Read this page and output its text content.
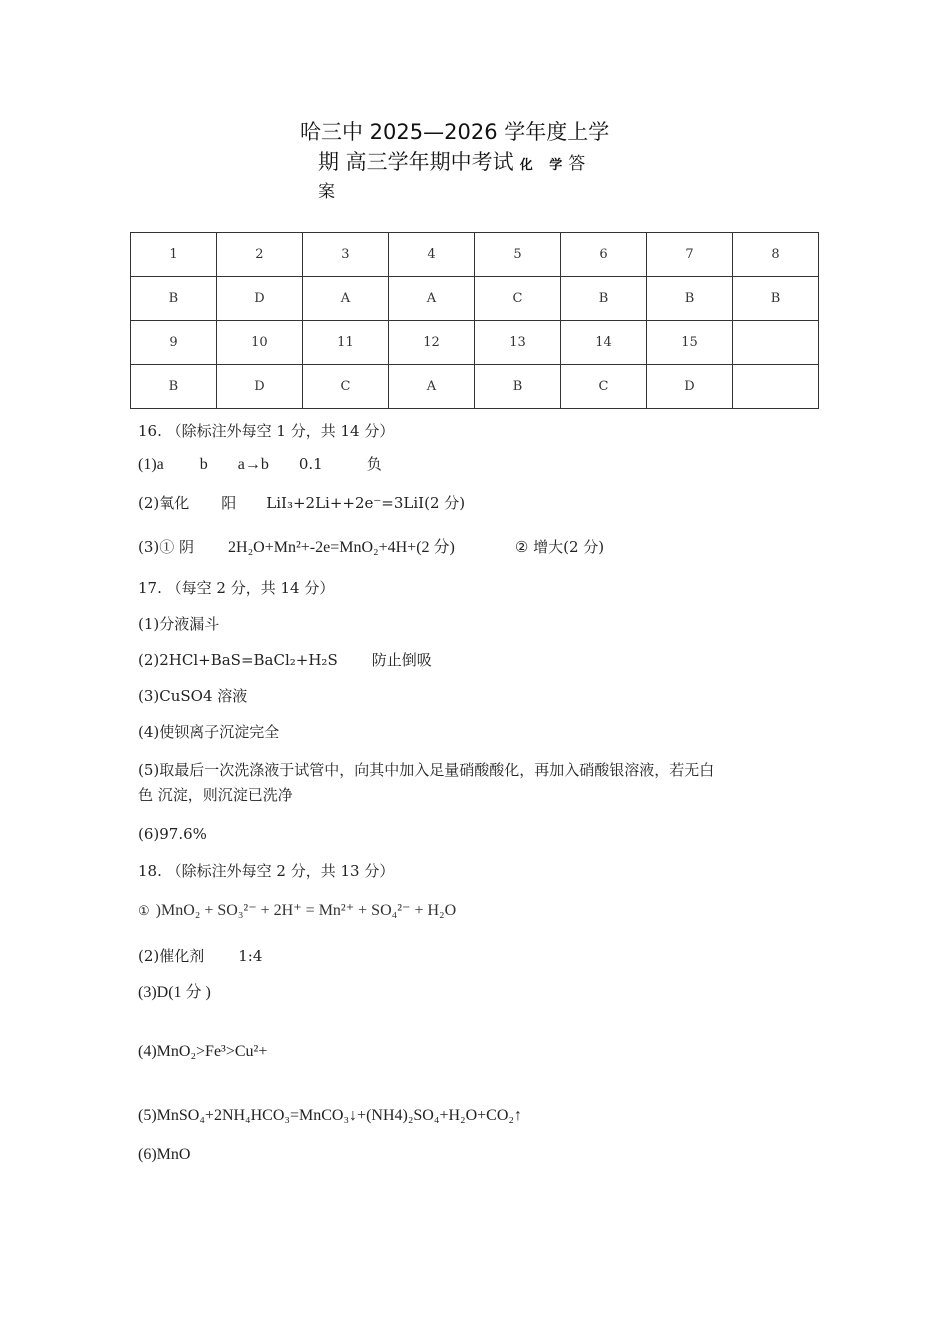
哈三中 2025—2026 学年度上学
期 高三学年期中考试 化 学答
案
1	2	3	4	5	6	7	8
B	D	A	A	C	B	B	B
9	10	11	12	13	14	15	
B	D	C	A	B	C	D	
16. （除标注外每空 1 分，共 14 分）
(1)a b a→b 0.1	负
(2)氧化 阳 LiI₃+2Li++2e⁻=3LiI(2 分)
(3)① 阴 2H₂O+Mn²+-2e=MnO₂+4H+(2 分)	② 增大(2 分)
17. （每空 2 分，共 14 分）
(1)分液漏斗
(2)2HCl+BaS=BaCl₂+H₂S 防止倒吸
(3)CuSO4 溶液
(4)使钡离子沉淀完全
(5)取最后一次洗涤液于试管中，向其中加入足量硝酸酸化，再加入硝酸银溶液，若无白
色 沉淀，则沉淀已洗净
(6)97.6%
18. （除标注外每空 2 分，共 13 分）
① )MnO₂ + SO₃²⁻ + 2H⁺ = Mn²⁺ + SO₄²⁻ + H₂O
(2)催化剂 1:4
(3)D(1 分 )
(4)MnO₂>Fe³>Cu²+
(5)MnSO₄+2NH₄HCO₃=MnCO₃↓+(NH4)₂SO₄+H₂O+CO₂↑
(6)MnO
